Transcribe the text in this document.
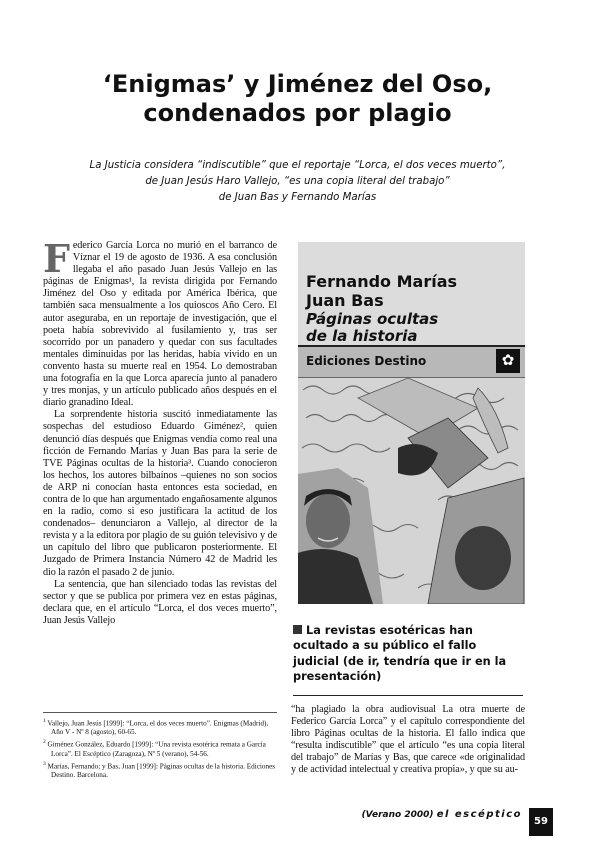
‘Enigmas’ y Jiménez del Oso,
condenados por plagio

La Justicia considera “indiscutible” que el reportaje “Lorca, el dos veces muerto”,
de Juan Jesús Haro Vallejo, “es una copia literal del trabajo”
de Juan Bas y Fernando Marías

Federico García Lorca no murió en el barranco de Víznar el 19 de agosto de 1936. A esa conclusión llegaba el año pasado Juan Jesús Vallejo en las páginas de Enigmas¹, la revista dirigida por Fernando Jiménez del Oso y editada por América Ibérica, que también saca mensualmente a los quioscos Año Cero. El autor aseguraba, en un reportaje de investigación, que el poeta había sobrevivido al fusilamiento y, tras ser socorrido por un panadero y quedar con sus facultades mentales diminuidas por las heridas, había vivido en un convento hasta su muerte real en 1954. Lo demostraban una fotografía en la que Lorca aparecía junto al panadero y tres monjas, y un artículo publicado años después en el diario granadino Ideal.

La sorprendente historia suscitó inmediatamente las sospechas del estudioso Eduardo Giménez², quien denunció días después que Enigmas vendía como real una ficción de Fernando Marías y Juan Bas para la serie de TVE Páginas ocultas de la historia³. Cuando conocieron los hechos, los autores bilbaínos –quienes no son socios de ARP ni conocían hasta entonces esta sociedad, en contra de lo que han argumentado engañosamente algunos en la radio, como si eso justificara la actitud de los condenados– denunciaron a Vallejo, al director de la revista y a la editora por plagio de su guión televisivo y de un capítulo del libro que publicaron posteriormente. El Juzgado de Primera Instancia Número 42 de Madrid les dio la razón el pasado 2 de junio.

La sentencia, que han silenciado todas las revistas del sector y que se publica por primera vez en estas páginas, declara que, en el artículo “Lorca, el dos veces muerto”, Juan Jesús Vallejo

$^1$ Vallejo, Juan Jesús [1999]: “Lorca, el dos veces muerto”. Enigmas (Madrid), Año V - Nº 8 (agosto), 60-65.

$^2$ Giménez González, Eduardo [1999]: “Una revista esotérica remata a García Lorca”. El Escéptico (Zaragoza), Nº 5 (verano), 54-56.

$^3$ Marías, Fernando; y Bas, Juan [1999]: Páginas ocultas de la historia. Ediciones Destino. Barcelona.

Fernando Marías
Juan Bas

Páginas ocultas
de la historia

Ediciones Destino	✿

La revistas esotéricas han ocultado a su público el fallo judicial (de ir, tendría que ir en la presentación)

“ha plagiado la obra audiovisual La otra muerte de Federico García Lorca” y el capítulo correspondiente del libro Páginas ocultas de la historia. El fallo indica que “resulta indiscutible” que el artículo “es una copia literal del trabajo” de Marías y Bas, que carece «de originalidad y de actividad intelectual y creativa propia», y que su au-

(Verano 2000) el escéptico

59
